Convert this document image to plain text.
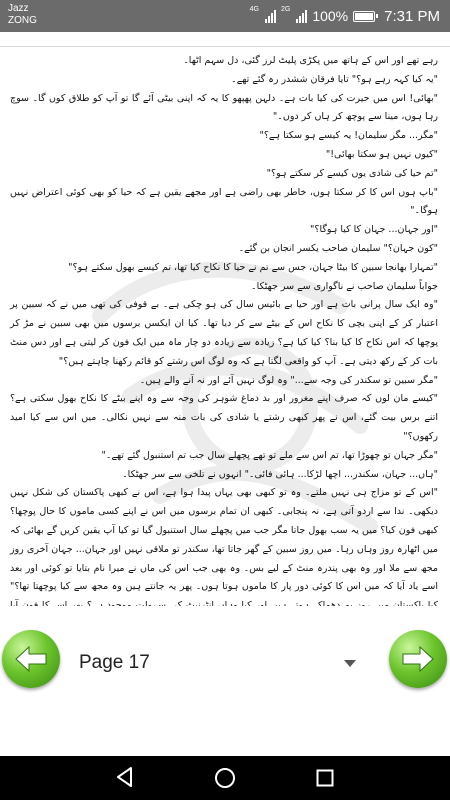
Jazz
ZONG
4G	2G 100% 7:31 PM

رہے تھے اور اس کے ہاتھ میں پکڑی پلیٹ لرز گئی، دل سہم اٹھا۔

"یہ کیا کہہ رہے ہو؟" تایا فرقان ششدر رہ گئے تھے۔

"بھائی! اس میں حیرت کی کیا بات ہے۔ دلہن پھپھو کا یہ کہ اپنی بیٹی آئے گا تو آپ کو طلاق کوں گا۔ سوچ رہا ہوں، مینا سے پوچھ کر ہاں کر دوں۔"

"مگر... مگر سلیمان! یہ کیسے ہو سکتا ہے؟"

"کیوں نہیں ہو سکتا بھائی!"

"تم حیا کی شادی یوں کیسے کر سکتے ہو؟"

"باپ ہوں اس کا کر سکتا ہوں، خاطر بھی راضی ہے اور مجھے یقین ہے کہ حیا کو بھی کوئی اعتراض نہیں ہوگا۔"

"اور جہان... جہان کا کیا ہوگا؟"

"کون جہان؟" سلیمان صاحب یکسر انجان بن گئے۔

"تمہارا بھانجا سبین کا بیٹا جہان، جس سے تم نے حیا کا نکاح کیا تھا، تم کیسے بھول سکتے ہو؟"

جواباً سلیمان صاحب نے ناگواری سے سر جھٹکا۔

"وہ ایک سال پرانی بات ہے اور حیا بے بائیس سال کی ہو چکی ہے۔ بے قوفی کی تھی میں نے کہ سبین پر اعتبار کر کے اپنی بچی کا نکاح اس کے بیٹے سے کر دیا تھا۔ کیا ان ایکسں برسوں میں بھی سبین نے مڑ کر پوچھا کہ اس نکاح کا کیا بنا؟ کیا کیا ہے؟ زیادہ سے زیادہ دو چار ماہ میں ایک فون کر لیتی ہے اور دس منٹ بات کر کے رکھ دیتی ہے۔ آپ کو واقعی لگتا ہے کہ وہ لوگ اس رشتے کو قائم رکھنا چاہتے ہیں؟"

"مگر سبین تو سکندر کی وجہ سے..." وہ لوگ نہیں آئے اور نہ آنے والے ہیں۔

"کیسے مان لوں کہ صرف اپنے مغرور اور بد دماغ شوہر کی وجہ سے وہ اپنے بیٹے کا نکاح بھول سکتی ہے؟ اتنے برس بیت گئے، اس نے پھر کبھی رشتے یا شادی کی بات منہ سے نہیں نکالی۔ میں اس سے کیا امید رکھوں؟"

"مگر جہان تو چھوڑا تھا، تم اس سے ملے تو تھے پچھلے سال جب تم استنبول گئے تھے۔"

"ہاں... جہان، سکندر... اچھا لڑکا... ہائی فائی۔" انہوں نے تلخی سے سر جھٹکا۔

"اس کے تو مزاج ہی نہیں ملتے۔ وہ تو کبھی بھی یہاں پیدا ہوا ہے، اس نے کبھی پاکستان کی شکل نہیں دیکھی۔ ندا سے اردو آتی ہے، نہ پنجابی۔ کبھی ان تمام برسوں میں اس نے اپنے کسی ماموں کا حال پوچھا؟ کبھی فون کیا؟ میں یہ سب بھول جاتا مگر جب میں پچھلے سال استنبول گیا تو کیا آپ یقین کریں گے بھائی کہ میں اٹھارہ روز وہاں رہا۔ میں روز سبین کے گھر جاتا تھا، سکندر تو ملاقی نہیں اور جہان... جہان آخری روز مجھ سے ملا اور وہ بھی پندرہ منٹ کے لیے بس۔ وہ بھی جب اس کی ماں نے میرا نام بتایا تو کوئی اور بعد اسے یاد آیا کہ میں اس کا کوئی دور پار کا ماموں ہوتا ہوں۔ پھر یہ جانتے ہیں وہ مجھ سے کیا پوچھتا تھا؟"

Page 17
